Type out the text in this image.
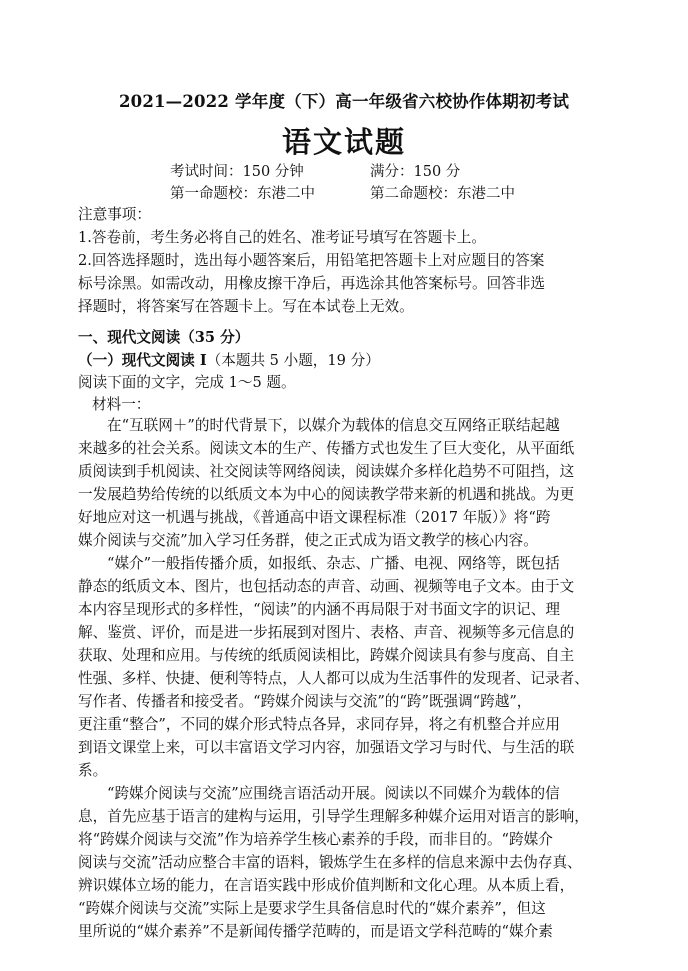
2021—2022 学年度（下）高一年级省六校协作体期初考试
语文试题
考试时间：150 分钟	满分：150 分
第一命题校：东港二中	第二命题校：东港二中
注意事项：
1.答卷前，考生务必将自己的姓名、准考证号填写在答题卡上。
2.回答选择题时，选出每小题答案后，用铅笔把答题卡上对应题目的答案
标号涂黑。如需改动，用橡皮擦干净后，再选涂其他答案标号。回答非选
择题时，将答案写在答题卡上。写在本试卷上无效。
一、现代文阅读（35 分）
（一）现代文阅读 I（本题共 5 小题，19 分）
阅读下面的文字，完成 1～5 题。
材料一：
在“互联网＋”的时代背景下，以媒介为载体的信息交互网络正联结起越
来越多的社会关系。阅读文本的生产、传播方式也发生了巨大变化，从平面纸
质阅读到手机阅读、社交阅读等网络阅读，阅读媒介多样化趋势不可阻挡，这
一发展趋势给传统的以纸质文本为中心的阅读教学带来新的机遇和挑战。为更
好地应对这一机遇与挑战，《普通高中语文课程标准（2017 年版）》将“跨
媒介阅读与交流”加入学习任务群，使之正式成为语文教学的核心内容。
“媒介”一般指传播介质，如报纸、杂志、广播、电视、网络等，既包括
静态的纸质文本、图片，也包括动态的声音、动画、视频等电子文本。由于文
本内容呈现形式的多样性，“阅读”的内涵不再局限于对书面文字的识记、理
解、鉴赏、评价，而是进一步拓展到对图片、表格、声音、视频等多元信息的
获取、处理和应用。与传统的纸质阅读相比，跨媒介阅读具有参与度高、自主
性强、多样、快捷、便利等特点，人人都可以成为生活事件的发现者、记录者、
写作者、传播者和接受者。“跨媒介阅读与交流”的“跨”既强调“跨越”，
更注重“整合”，不同的媒介形式特点各异，求同存异，将之有机整合并应用
到语文课堂上来，可以丰富语文学习内容，加强语文学习与时代、与生活的联
系。
“跨媒介阅读与交流”应围绕言语活动开展。阅读以不同媒介为载体的信
息，首先应基于语言的建构与运用，引导学生理解多种媒介运用对语言的影响，
将“跨媒介阅读与交流”作为培养学生核心素养的手段，而非目的。“跨媒介
阅读与交流”活动应整合丰富的语料，锻炼学生在多样的信息来源中去伪存真、
辨识媒体立场的能力，在言语实践中形成价值判断和文化心理。从本质上看，
“跨媒介阅读与交流”实际上是要求学生具备信息时代的“媒介素养”，但这
里所说的“媒介素养”不是新闻传播学范畴的，而是语文学科范畴的“媒介素
